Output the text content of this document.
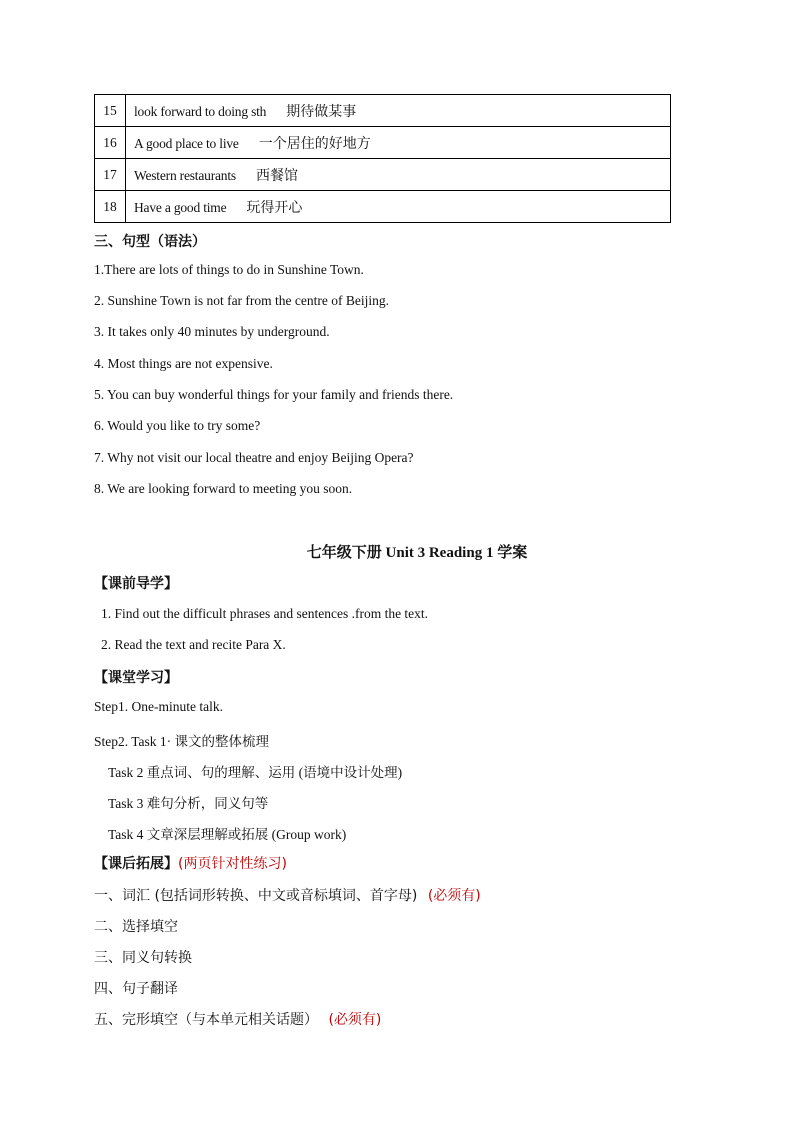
15	look forward to doing sth 期待做某事
16	A good place to live 一个居住的好地方
17	Western restaurants 西餐馆
18	Have a good time 玩得开心
三、句型（语法）
1.There are lots of things to do in Sunshine Town.
2. Sunshine Town is not far from the centre of Beijing.
3. It takes only 40 minutes by underground.
4. Most things are not expensive.
5. You can buy wonderful things for your family and friends there.
6. Would you like to try some?
7. Why not visit our local theatre and enjoy Beijing Opera?
8. We are looking forward to meeting you soon.
七年级下册 Unit 3 Reading 1 学案
【课前导学】
1. Find out the difficult phrases and sentences .from the text.
2. Read the text and recite Para X.
【课堂学习】
Step1. One-minute talk.
Step2. Task 1· 课文的整体梳理
Task 2 重点词、句的理解、运用 (语境中设计处理)
Task 3 难句分析，同义句等
Task 4 文章深层理解或拓展 (Group work)
【课后拓展】(两页针对性练习)
一、词汇 (包括词形转换、中文或音标填词、首字母) (必须有)
二、选择填空
三、同义句转换
四、句子翻译
五、完形填空（与本单元相关话题） (必须有)
